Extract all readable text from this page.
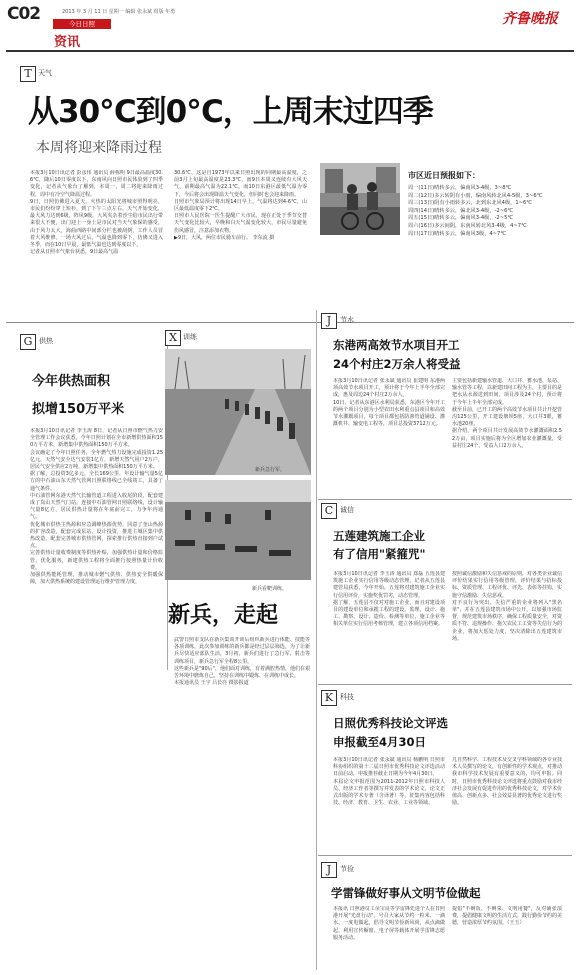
C02	2013 年 3 月 11 日 星期一 编辑 张永斌 组版 年勇
今日日照
资讯
齐鲁晚报
T 天气
从30℃到0℃，上周末过四季
本周将迎来降雨过程
本报3月10日讯记者 彭彦伟 通讯员 薛栋明 9日最高温度30.6℃，随后10日零度以下，东南风向日照市民体验到了四季变化，记者从气象台了解到，本周一，周二将迎来降雨过程，周中有冷空气降温过程。
9日，日照仿佛进入夏天，火热的太阳光将城市照得明亮，市民们纷纷穿上短衫，到了下午三点左右，天气开始变化，最大风力达到6级，阵风9级，大风夹杂着沙尘给市民出行带来很大不便，出门迎上一身土是市民对当天气象保的感受，由于风力太大，海曲西路中间部分栏也被刮倒，工作人员冒着大风维修。一场大风过后，气温也降到零下，仿佛又进入冬季，而在10日早晨，最低气温也达到零度以下。
记者从日照市气象台获悉，9日最高气温
30.6℃，这是自1973年以来日照出现的同期最高温度，之前3月上旬最高温度是23.3℃，而9日本周又连续有大风天气，前期最高气温为22.1℃，而10日东港区最低气温为零下，今后将会出现降温天气变化，但同时也会迎来降雨。
日照市气象局预计将出现14日早上，气温将达到4-6℃，山区最低温度零下2℃。
日照市人民医院一医生提醒广大市民，现在正处于季节交替天气变化比较大，早晚和白天气温变化较大，市民尽量避免伤风感冒，注意添加衣物。
▶9日，大风，两位市民骑车前行。 李东流 摄
市区近日预报如下：
周一(11日)晴转多云，偏南风3-4级，3~8℃
周二(12日)多云转阴有小雨，偏南风转北风4-5级，3~6℃
周三(13日)阴有小雨转多云，北到东北风4级，1~6℃
周四(14日)晴转多云，偏北风3-4级，-2~6℃
周五(15日)晴转多云，偏南风3-4级，-2~5℃
周六(16日)多云间阴，东南风转北风3-4级，4~7℃
周日(17日)晴转多云，偏南风3级，4~7℃
G 供热
今年供热面积
拟增150万平米
本报3月10日讯记者 李玉涛 8日，记者从日照市燃气热力安全管理工作会议获悉，今年日照计划在全市新增供热面积150万平方米，新增集中供热面积150万平方米。
会议确定了今年日照任务，全年燃气热力设施完成投资1.25亿元，天然气安全达气安装1亿方，新增天然气用户2万户，居民气安全供应2万吨，新增集中供热面积150万平方米。
据了解，总投资3亿多元，全长169公里，年设计输气量5亿方的中石油山东天然气管网日照联络线已全线竣工，具备了通气条件。
中石油管网东港天然气长输管道工程进入收尾阶段，配套建成了岚山天然气门站，连接中石油管网日照联络线，设计输气量8亿方，居民供热计量将在年底前完工，力争年内通气。
优化城市供热主热源和应急调峰热源优势，同意了奎山热源的扩容改造，配套完成泵站、设计投资，推进主城区集中供热改造，配套完善城市供热管网，探索推行供热直接到户试点。
完善供热计量收费制度等供热补贴，加强供热计量和价格监管，优化服务，新建供热工程将全面推行按照热量计价收费。
加强供热能耗管理，推动城市燃气供热、供热安全供暖保障，加大供热系统的建设管理运行维护管理力度。
X 训练
新兵急行军。
新兵看靶训练。
新兵，走起
武警日照市支队在新兵集训开训后组织新兵进行体能、技能等各项训练，此次参加训练的新兵都是经过层层筛选，为了让新兵尽快适应部队生活，3月初，新兵们进行了急行军、射击等训练项目，新兵急行军全程8公里。
这些新兵是"90后"，他们面对训练，有着满腔热情，他们在艰苦环境中磨炼自己，坚持在训练中锻炼、在训练中成长。
本报通讯员 王宇 吕长亮 摄影报道
J	节水
东港两高效节水项目开工
24个村庄2万余人将受益
本报3月10日讯记者 张永斌 通讯员 崔建明 东港两项高效节水项目开工，预计将于今年上半年全部完成，惠及周边24个村庄2万余人。
10日，记者从东港区水利局获悉，东港区今年开工的两个项目分别为小型农田水利重点县项目和高效节水灌溉项目，每个项目都包括防渗管道铺设、灌溉机井、输变电工程等，项目总投资3712万元。
主要包括新建输水管道、大口井、蓄水池、泵站、输水管等工程，以新建田间工程为主，主要目的是把水从水源送到田间。项目涉及24个村，预计将于今年上半年全部完成。
截至目前，已开工的两个高效节水项目共计开挖管沟125公里，开工建设塘坝5座，大口井3眼，蓄水池20座。
据介绍，两个项目共计发展高效节水灌溉面积2.52万亩，项目实施后将为全区增加农业灌溉量，受益村庄24个，受益人口2万余人。
C 诚信
五莲建筑施工企业
有了信用"紧箍咒"
本报3月10日讯记者 李玉涛 通讯员 郑磊 五莲县建筑施工企业实行信用等级动态管理，记者从五莲县建管局获悉，今年开始，五莲将对建筑施工企业实行信用评价，实施奖优罚劣，动态管理。
据了解，五莲县不仅对对施工企业，而且对建设项目的建设单位和承揽工程的建设、监理、设计、施工、勘察、设计、造价、检测等单位，施工企业等相关单位实行信用考核管理，建立各项信用档案。
按照诚信激励和失信惩戒的原则，对各类企业诚信评价结果实行信用等级管理，评价结果与招标投标、资质管理、工程评优、评先、表彰等挂钩，实施守信激励、失信惩戒。
对不良行为突出、失信严重的企业将列入"黑名单"，并在五莲县建筑市场中公开，以加强市场监督，规范建筑市场秩序，确保工程质量安全，对资质不符、违规操作、拖欠农民工工资等失信行为的企业，将加大惩处力度，坚决清除出五莲建筑市场。
K 科技
日照优秀科技论文评选
申报截至4月30日
本报3月10日讯记者 张永斌 通讯员 杨鹏明 日照市科协组织的第十二届日照市优秀科技论文评选活动日前启动，申报推荐截止日期为今年4月30日。
本届论文申报范围为2011-2012年日照市科技人员、经济工作者等撰写并发表的学术论文，论文正式出版的学术专著（含译著）等，征集内容包括科技、经济、教育、卫生、农业、工业等领域。
凡自然科学、工程技术及交叉学科领域的各专业技术人员撰写的论文，有创新性的学术观点，对推动我市科学技术发展有重要意义的，均可申报。同时，日照市优秀科技论文评选将重点鼓励对我市经济社会发展有促进作用的优秀科技论文，对学术价值高、创新点多、社会效益显著的优秀论文进行奖励。
J	节俭
学雷锋做好事从文明节俭做起
本报讯 日照港员工余宝良等学雷锋先进个人在日照港开展"光盘行动"，号召大家从节约一粒米、一滴水、一度电做起，倡导文明节俭新风尚，从点滴做起，利用宣传橱窗、电子屏等载体开展学雷锋志愿服务活动。
提倡"不剩饭、不剩菜、文明用餐"，反对铺张浪费，提倡健康文明的生活方式，践行勤俭节约的美德，营造浓厚节约氛围。（王玉）
